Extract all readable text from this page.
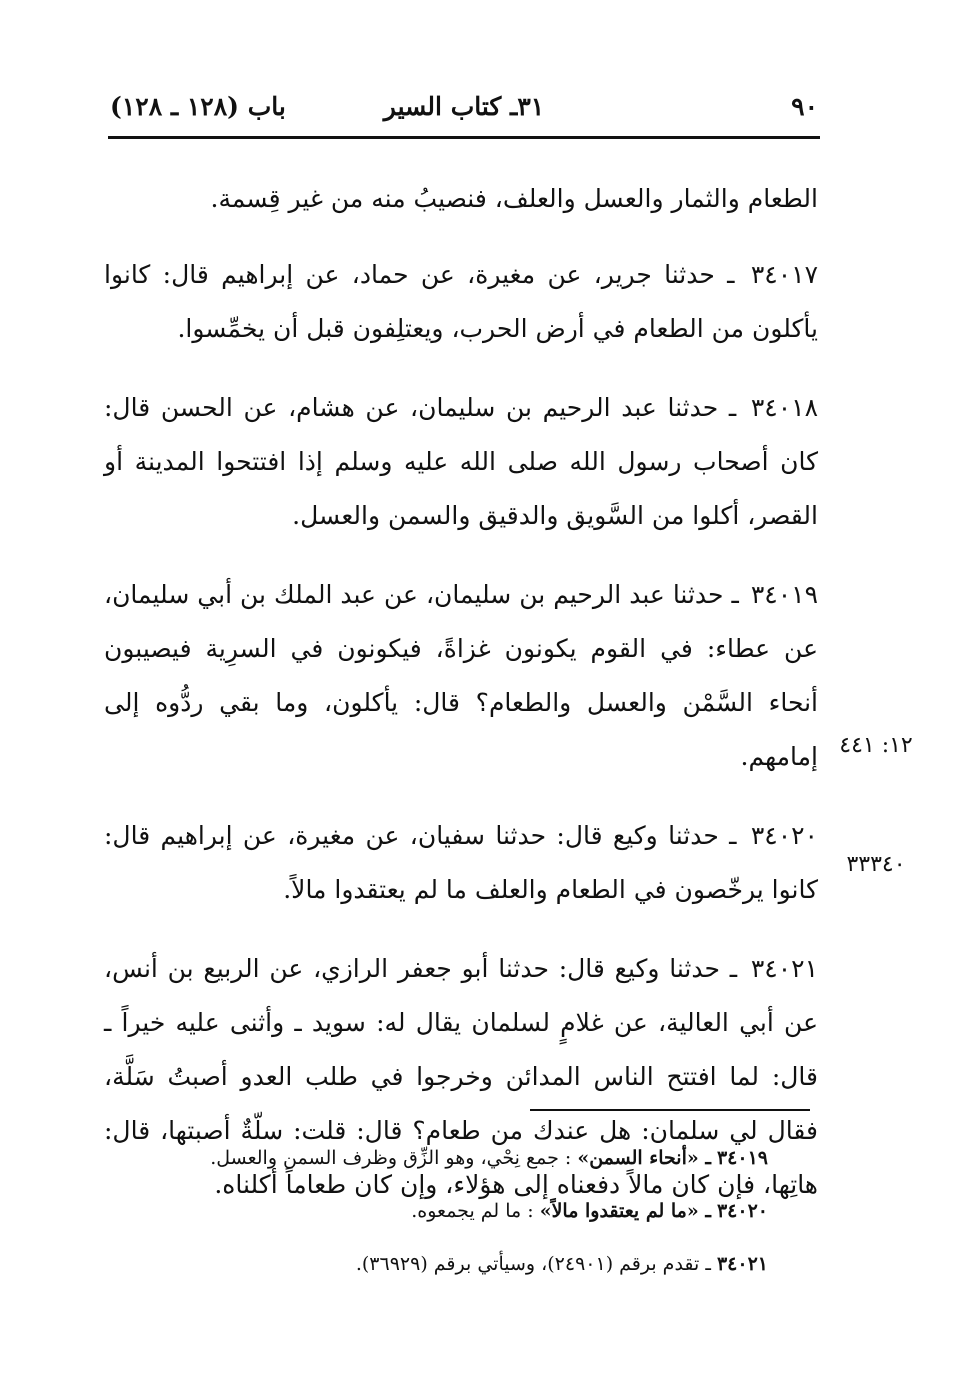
٩٠
٣١ـ كتاب السير
باب (١٢٨ ـ ١٢٨)

الطعام والثمار والعسل والعلف، فنصيبُ منه من غير قِسمة.

٣٤٠١٧ ـ حدثنا جرير، عن مغيرة، عن حماد، عن إبراهيم قال: كانوا يأكلون من الطعام في أرض الحرب، ويعتلِفون قبل أن يخمِّسوا.

٣٤٠١٨ ـ حدثنا عبد الرحيم بن سليمان، عن هشام، عن الحسن قال: كان أصحاب رسول الله صلى الله عليه وسلم إذا افتتحوا المدينة أو القصر، أكلوا من السَّويق والدقيق والسمن والعسل.

٣٤٠١٩ ـ حدثنا عبد الرحيم بن سليمان، عن عبد الملك بن أبي سليمان، عن عطاء: في القوم يكونون غزاةً، فيكونون في السرِية فيصيبون أنحاء السَّمْن والعسل والطعام؟ قال: يأكلون، وما بقي ردُّوه إلى إمامهم.

٣٤٠٢٠ ـ حدثنا وكيع قال: حدثنا سفيان، عن مغيرة، عن إبراهيم قال: كانوا يرخّصون في الطعام والعلف ما لم يعتقدوا مالاً.

٣٤٠٢١ ـ حدثنا وكيع قال: حدثنا أبو جعفر الرازي، عن الربيع بن أنس، عن أبي العالية، عن غلامٍ لسلمان يقال له: سويد ـ وأثنى عليه خيراً ـ قال: لما افتتح الناس المدائن وخرجوا في طلب العدو أصبتُ سَلَّة، فقال لي سلمان: هل عندك من طعام؟ قال: قلت: سلّةٌ أصبتها، قال: هاتِها، فإن كان مالاً دفعناه إلى هؤلاء، وإن كان طعاماً أكلناه.

١٢: ٤٤١
٣٣٣٤٠
٣٤٠١٩ ـ «أنحاء السمن» : جمع نِحْي، وهو الزِّق وظرف السمن والعسل.
٣٤٠٢٠ ـ «ما لم يعتقدوا مالاً» : ما لم يجمعوه.
٣٤٠٢١ ـ تقدم برقم (٢٤٩٠١)، وسيأتي برقم (٣٦٩٢٩).
